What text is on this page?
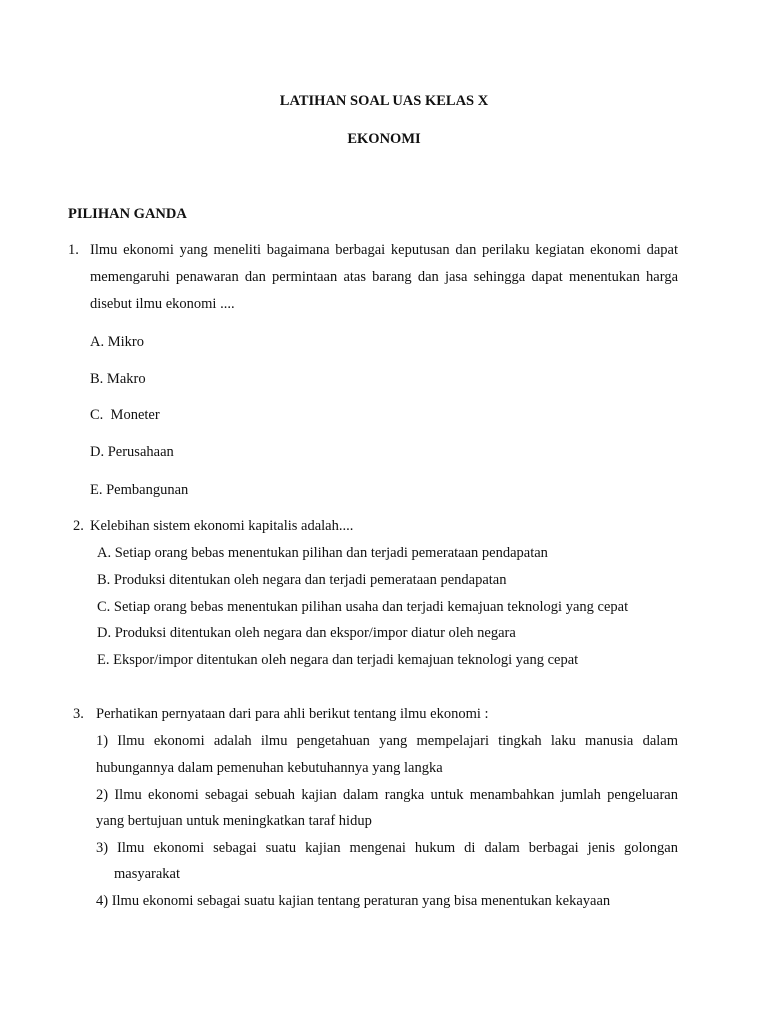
LATIHAN SOAL UAS KELAS X
EKONOMI
PILIHAN GANDA
1. Ilmu ekonomi yang meneliti bagaimana berbagai keputusan dan perilaku kegiatan ekonomi dapat
memengaruhi penawaran dan permintaan atas barang dan jasa sehingga dapat menentukan harga
disebut ilmu ekonomi ....
A. Mikro
B. Makro
C.  Moneter
D. Perusahaan
E. Pembangunan
2. Kelebihan sistem ekonomi kapitalis adalah....
A. Setiap orang bebas menentukan pilihan dan terjadi pemerataan pendapatan
B. Produksi ditentukan oleh negara dan terjadi pemerataan pendapatan
C. Setiap orang bebas menentukan pilihan usaha dan terjadi kemajuan teknologi yang cepat
D. Produksi ditentukan oleh negara dan ekspor/impor diatur oleh negara
E. Ekspor/impor ditentukan oleh negara dan terjadi kemajuan teknologi yang cepat
3. Perhatikan pernyataan dari para ahli berikut tentang ilmu ekonomi :
1) Ilmu ekonomi adalah ilmu pengetahuan yang mempelajari tingkah laku manusia dalam
hubungannya dalam pemenuhan kebutuhannya yang langka
2) Ilmu ekonomi sebagai sebuah kajian dalam rangka untuk menambahkan jumlah pengeluaran
yang bertujuan untuk meningkatkan taraf hidup
3) Ilmu ekonomi sebagai suatu kajian mengenai hukum di dalam berbagai jenis golongan
masyarakat
4) Ilmu ekonomi sebagai suatu kajian tentang peraturan yang bisa menentukan kekayaan
